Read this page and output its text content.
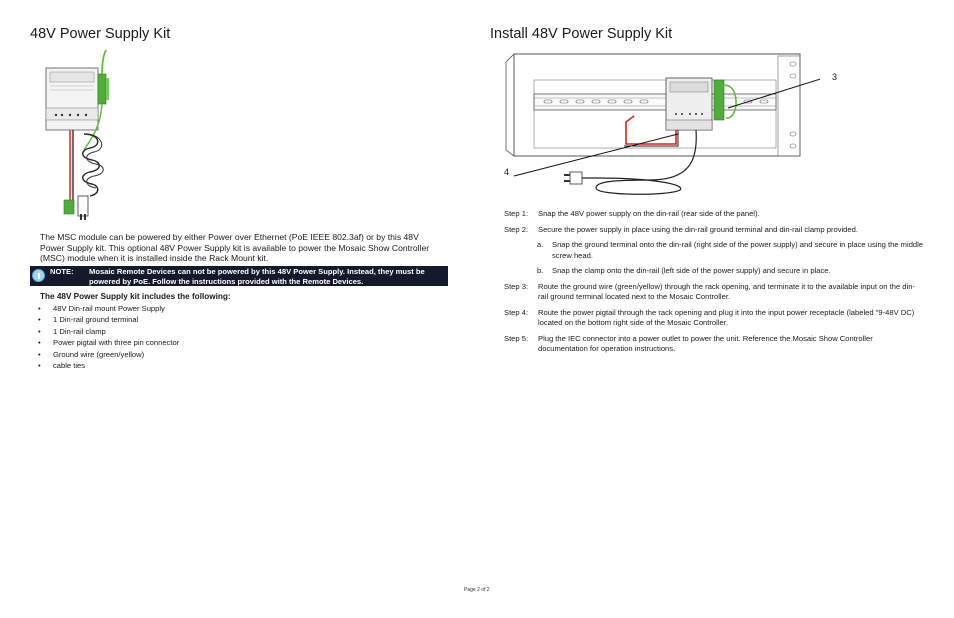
48V Power Supply Kit

The MSC module can be powered by either Power over Ethernet (PoE IEEE 802.3af) or by this 48V Power Supply kit. This optional 48V Power Supply kit is available to power the Mosaic Show Controller (MSC) module when it is installed inside the Rack Mount kit.

NOTE: Mosaic Remote Devices can not be powered by this 48V Power Supply. Instead, they must be powered by PoE. Follow the instructions provided with the Remote Devices.
The 48V Power Supply kit includes the following:
• 48V Din-rail mount Power Supply
• 1 Din-rail ground terminal
• 1 Din-rail clamp
• Power pigtail with three pin connector
• Ground wire (green/yellow)
• cable ties
Install 48V Power Supply Kit
3
4
Step 1: Snap the 48V power supply on the din-rail (rear side of the panel).
Step 2: Secure the power supply in place using the din-rail ground terminal and din-rail clamp provided.
a. Snap the ground terminal onto the din-rail (right side of the power supply) and secure in place using the middle screw head.
b. Snap the clamp onto the din-rail (left side of the power supply) and secure in place.
Step 3: Route the ground wire (green/yellow) through the rack opening, and terminate it to the available input on the din-rail ground terminal located next to the Mosaic Controller.
Step 4: Route the power pigtail through the rack opening and plug it into the input power receptacle (labeled "9-48V DC) located on the bottom right side of the Mosaic Controller.
Step 5: Plug the IEC connector into a power outlet to power the unit. Reference the Mosaic Show Controller documentation for operation instructions.
Page 2 of 2
